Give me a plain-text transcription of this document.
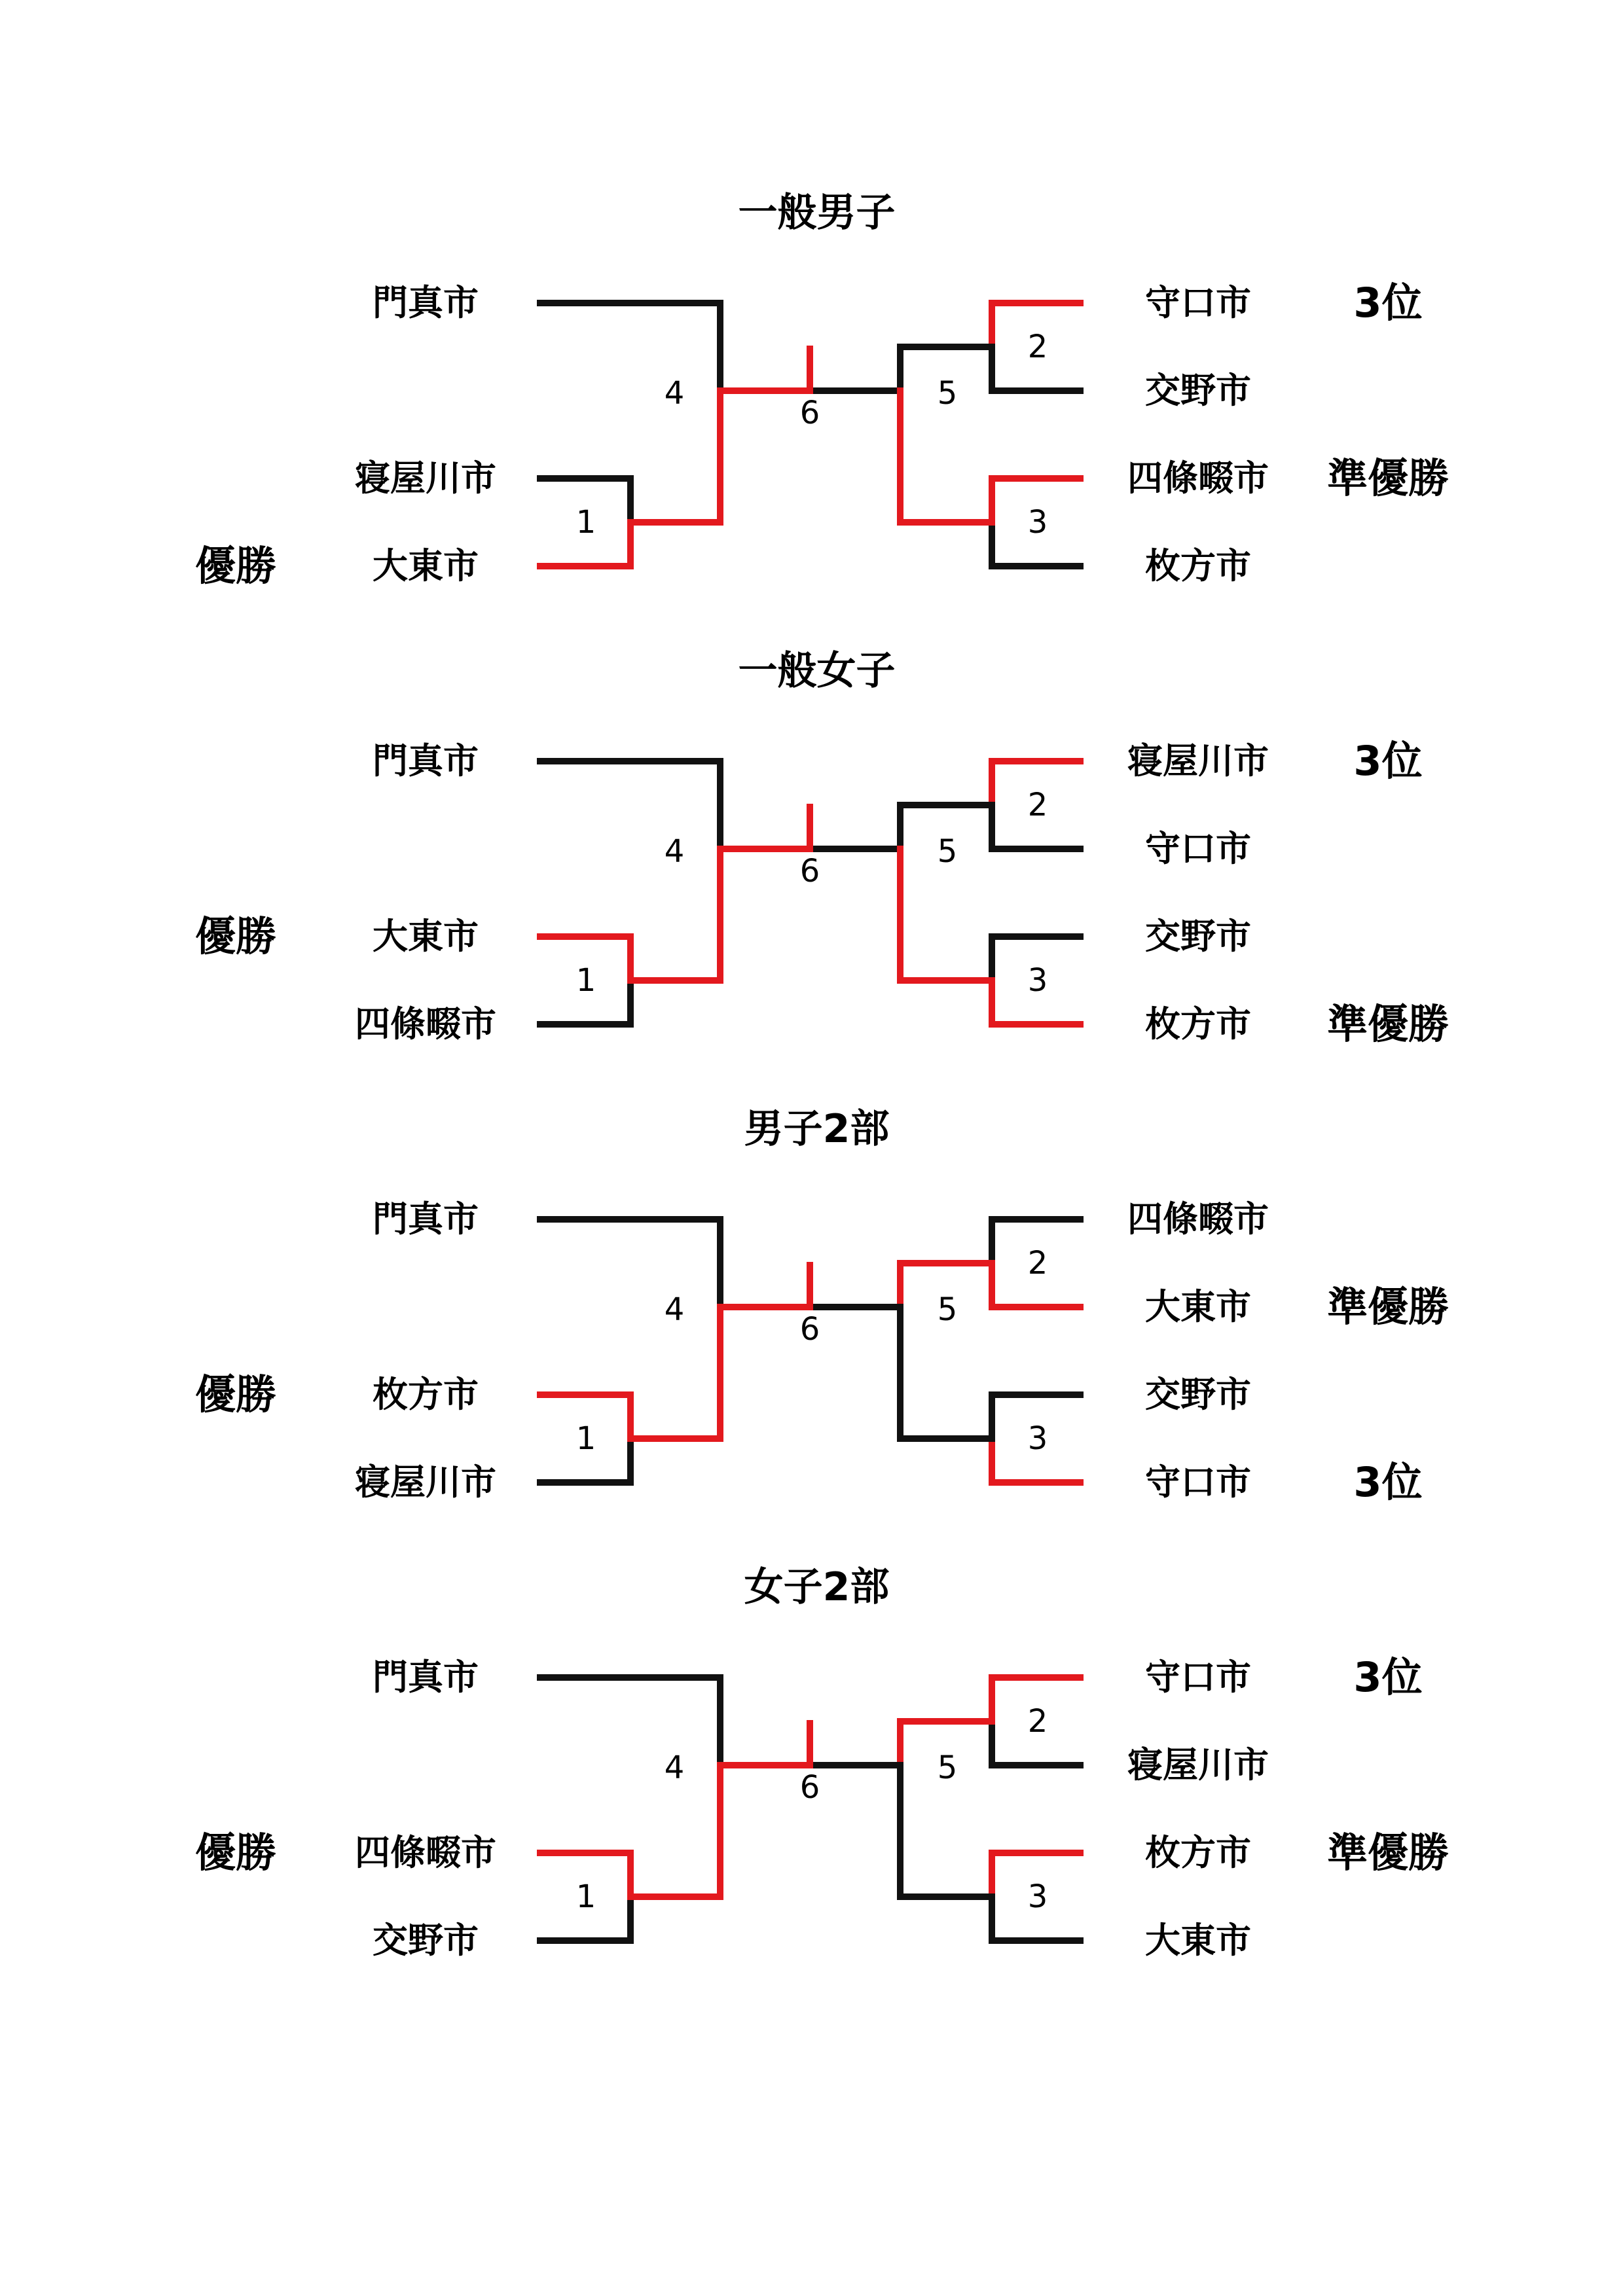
一般男子
門真市
寝屋川市
大東市
優勝
守口市	3位
交野市
四條畷市 準優勝
枚方市
1
4
6
5
2
3
一般女子
門真市
大東市
優勝
四條畷市
寝屋川市 3位
守口市
交野市
枚方市 準優勝
1
4
6
5
2
3
男子2部
門真市
枚方市
優勝
寝屋川市
四條畷市
大東市 準優勝
交野市
守口市	3位
1
4
6
5
2
3
女子2部
門真市
四條畷市
優勝
交野市
守口市	3位
寝屋川市
枚方市 準優勝
大東市
1
4
6
5
2
3
